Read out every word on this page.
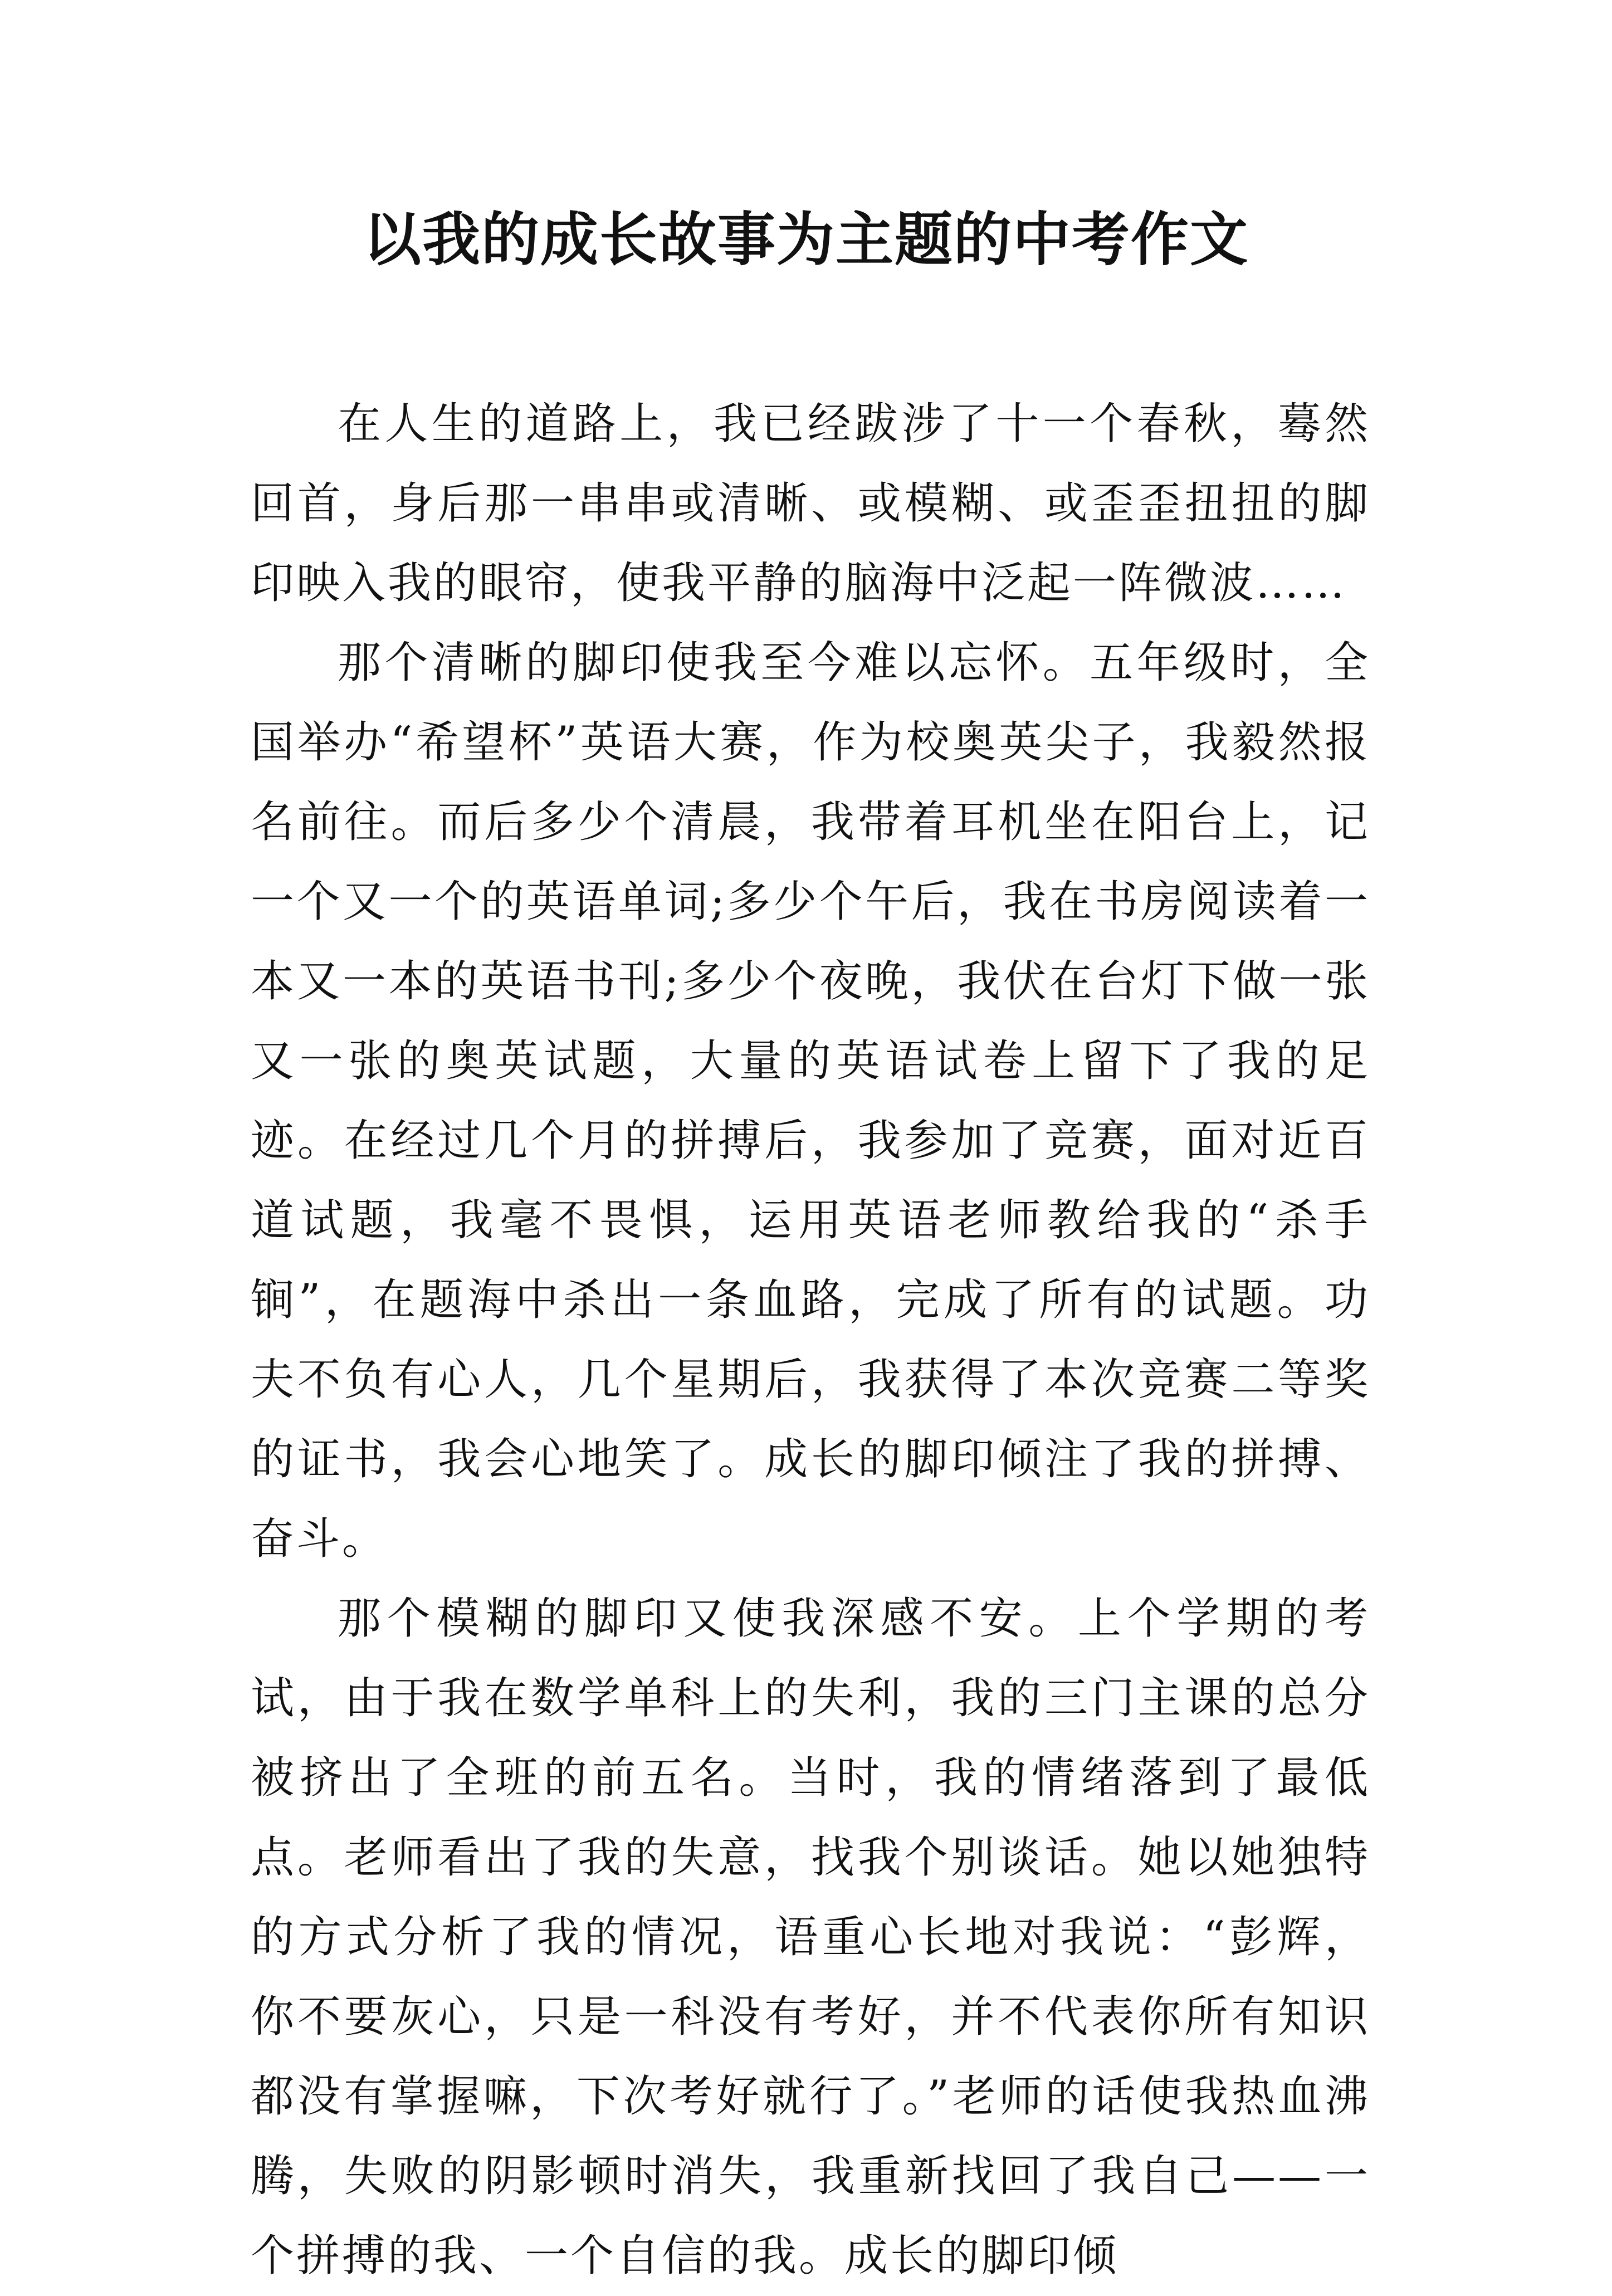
以我的成长故事为主题的中考作文

在人生的道路上，我已经跋涉了十一个春秋，蓦然回首，身后那一串串或清晰、或模糊、或歪歪扭扭的脚印映入我的眼帘，使我平静的脑海中泛起一阵微波……

那个清晰的脚印使我至今难以忘怀。五年级时，全国举办“希望杯”英语大赛，作为校奥英尖子，我毅然报名前往。而后多少个清晨，我带着耳机坐在阳台上，记一个又一个的英语单词;多少个午后，我在书房阅读着一本又一本的英语书刊;多少个夜晚，我伏在台灯下做一张又一张的奥英试题，大量的英语试卷上留下了我的足迹。在经过几个月的拼搏后，我参加了竞赛，面对近百道试题，我毫不畏惧，运用英语老师教给我的“杀手锏”，在题海中杀出一条血路，完成了所有的试题。功夫不负有心人，几个星期后，我获得了本次竞赛二等奖的证书，我会心地笑了。成长的脚印倾注了我的拼搏、奋斗。

那个模糊的脚印又使我深感不安。上个学期的考试，由于我在数学单科上的失利，我的三门主课的总分被挤出了全班的前五名。当时，我的情绪落到了最低点。老师看出了我的失意，找我个别谈话。她以她独特的方式分析了我的情况，语重心长地对我说：“彭辉，你不要灰心，只是一科没有考好，并不代表你所有知识都没有掌握嘛，下次考好就行了。”老师的话使我热血沸腾，失败的阴影顿时消失，我重新找回了我自己——一个拼搏的我、一个自信的我。成长的脚印倾
